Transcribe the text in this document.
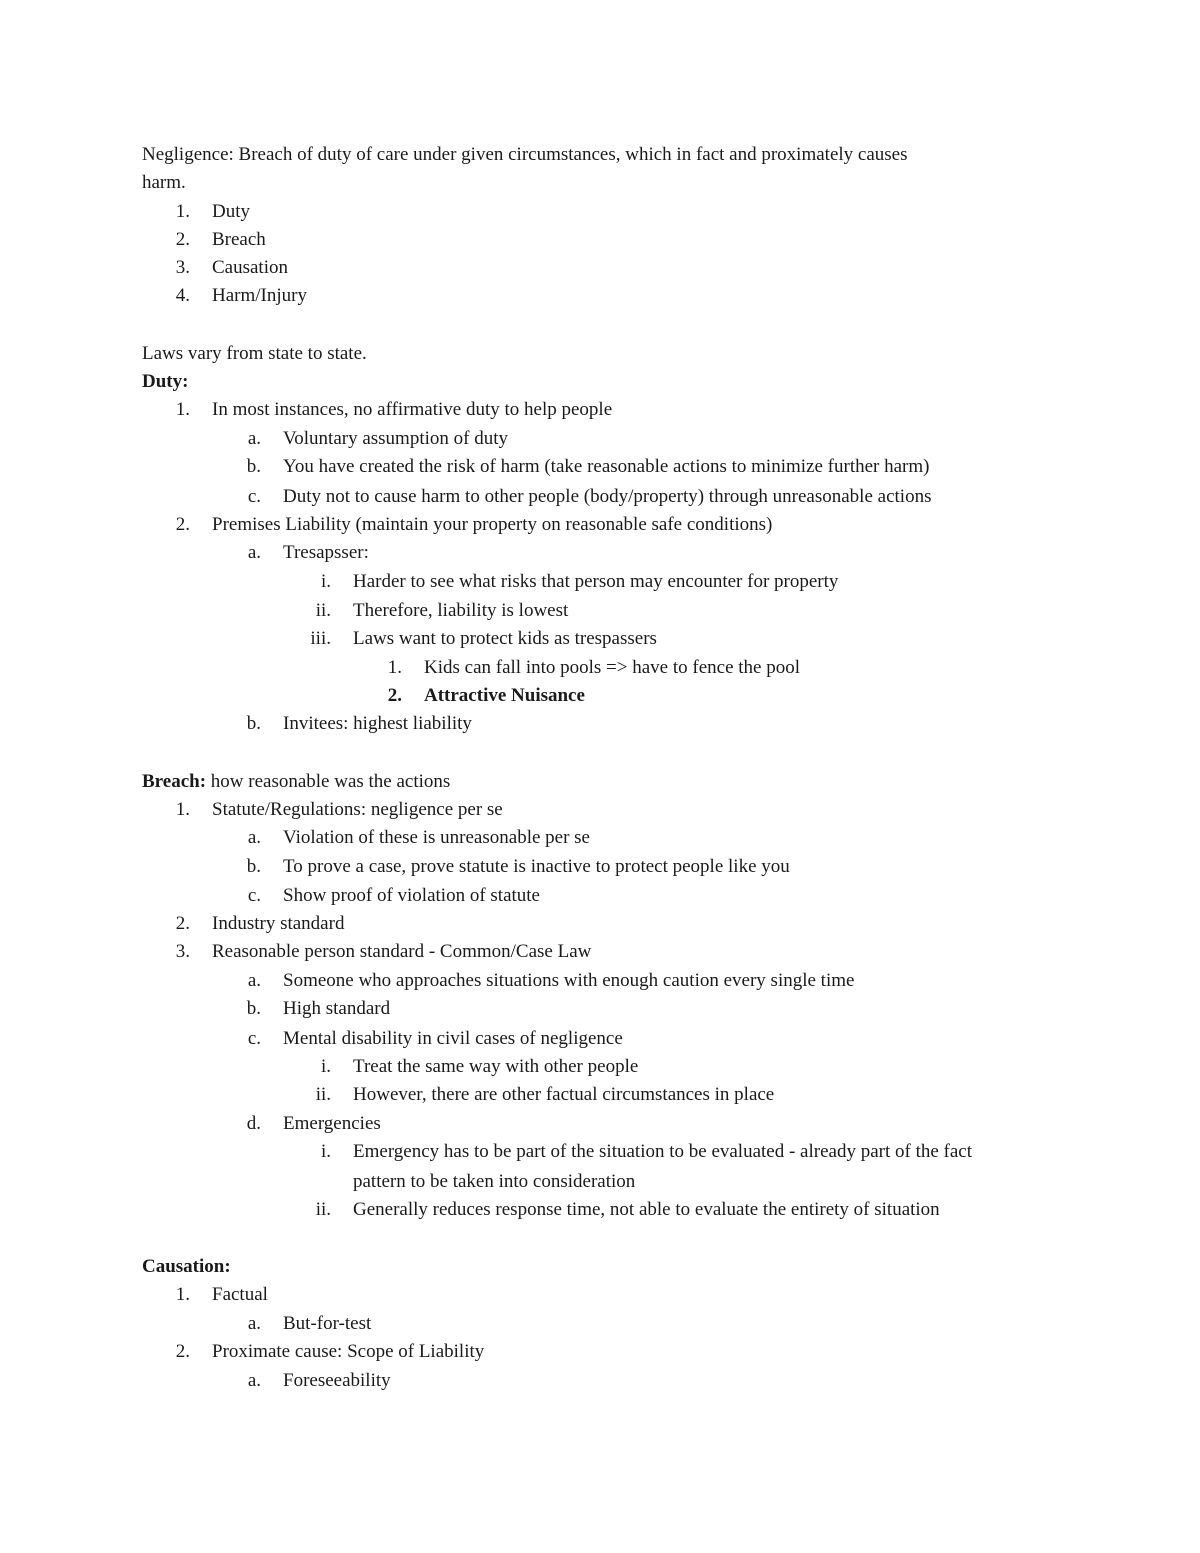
Negligence: Breach of duty of care under given circumstances, which in fact and proximately causes
harm.
1. Duty
2. Breach
3. Causation
4. Harm/Injury
Laws vary from state to state.
Duty:
1. In most instances, no affirmative duty to help people
a. Voluntary assumption of duty
b. You have created the risk of harm (take reasonable actions to minimize further harm)
c. Duty not to cause harm to other people (body/property) through unreasonable actions
2. Premises Liability (maintain your property on reasonable safe conditions)
a. Tresapsser:
i. Harder to see what risks that person may encounter for property
ii. Therefore, liability is lowest
iii. Laws want to protect kids as trespassers
1. Kids can fall into pools => have to fence the pool
2. Attractive Nuisance
b. Invitees: highest liability
Breach: how reasonable was the actions
1. Statute/Regulations: negligence per se
a. Violation of these is unreasonable per se
b. To prove a case, prove statute is inactive to protect people like you
c. Show proof of violation of statute
2. Industry standard
3. Reasonable person standard - Common/Case Law
a. Someone who approaches situations with enough caution every single time
b. High standard
c. Mental disability in civil cases of negligence
i. Treat the same way with other people
ii. However, there are other factual circumstances in place
d. Emergencies
i. Emergency has to be part of the situation to be evaluated - already part of the fact
pattern to be taken into consideration
ii. Generally reduces response time, not able to evaluate the entirety of situation
Causation:
1. Factual
a. But-for-test
2. Proximate cause: Scope of Liability
a. Foreseeability
